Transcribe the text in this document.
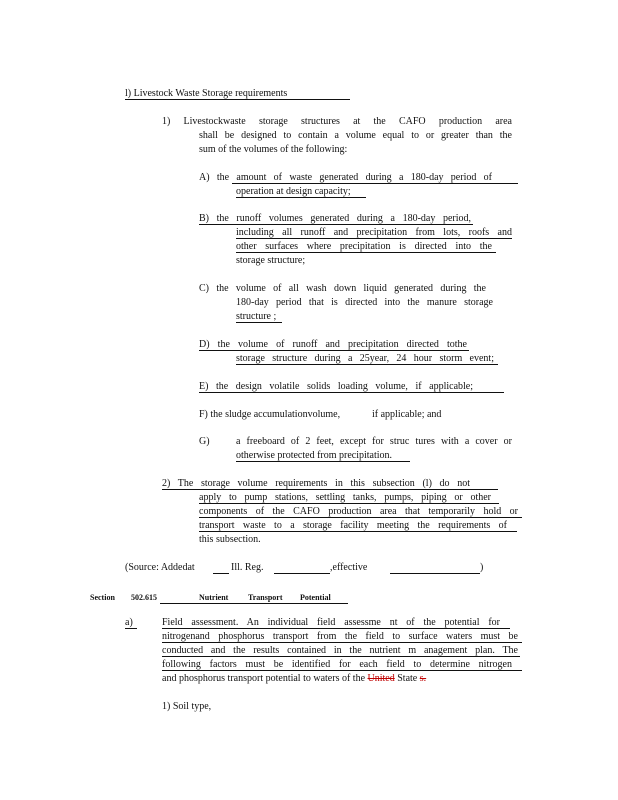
l) Livestock Waste Storage requirements
1) Livestockwaste storage structures at the CAFO production area
shall be designed to contain a volume equal to or greater than the
sum of the volumes of the following:
A) the amount of waste generated during a 180-day period of
operation at design capacity;
B) the runoff volumes generated during a 180-day period,
including all runoff and precipitation from lots, roofs and
other surfaces where precipitation is directed into the
storage structure;
C) the volume of all wash down liquid generated during the
180-day period that is directed into the manure storage
structure ;
D) the volume of runoff and precipitation directed tothe
storage structure during a 25year, 24 hour storm event;
E) the design volatile solids loading volume, if applicable;
F) the sludge accumulationvolume,	if applicable; and
G)	a freeboard of 2 feet, except for struc tures with a cover or
otherwise protected from precipitation.
2) The storage volume requirements in this subsection (l) do not
apply to pump stations, settling tanks, pumps, piping or other
components of the CAFO production area that temporarily hold or
transport waste to a storage facility meeting the requirements of
this subsection.
(Source: Addedat	Ill. Reg.	,effective	)
Section 502.615	Nutrient Transport Potential
a)	Field assessment. An individual field assessme nt of the potential for
nitrogenand phosphorus transport from the field to surface waters must be
conducted and the results contained in the nutrient m anagement plan. The
following factors must be identified for each field to determine nitrogen
and phosphorus transport potential to waters of the United State s.
1) Soil type,
